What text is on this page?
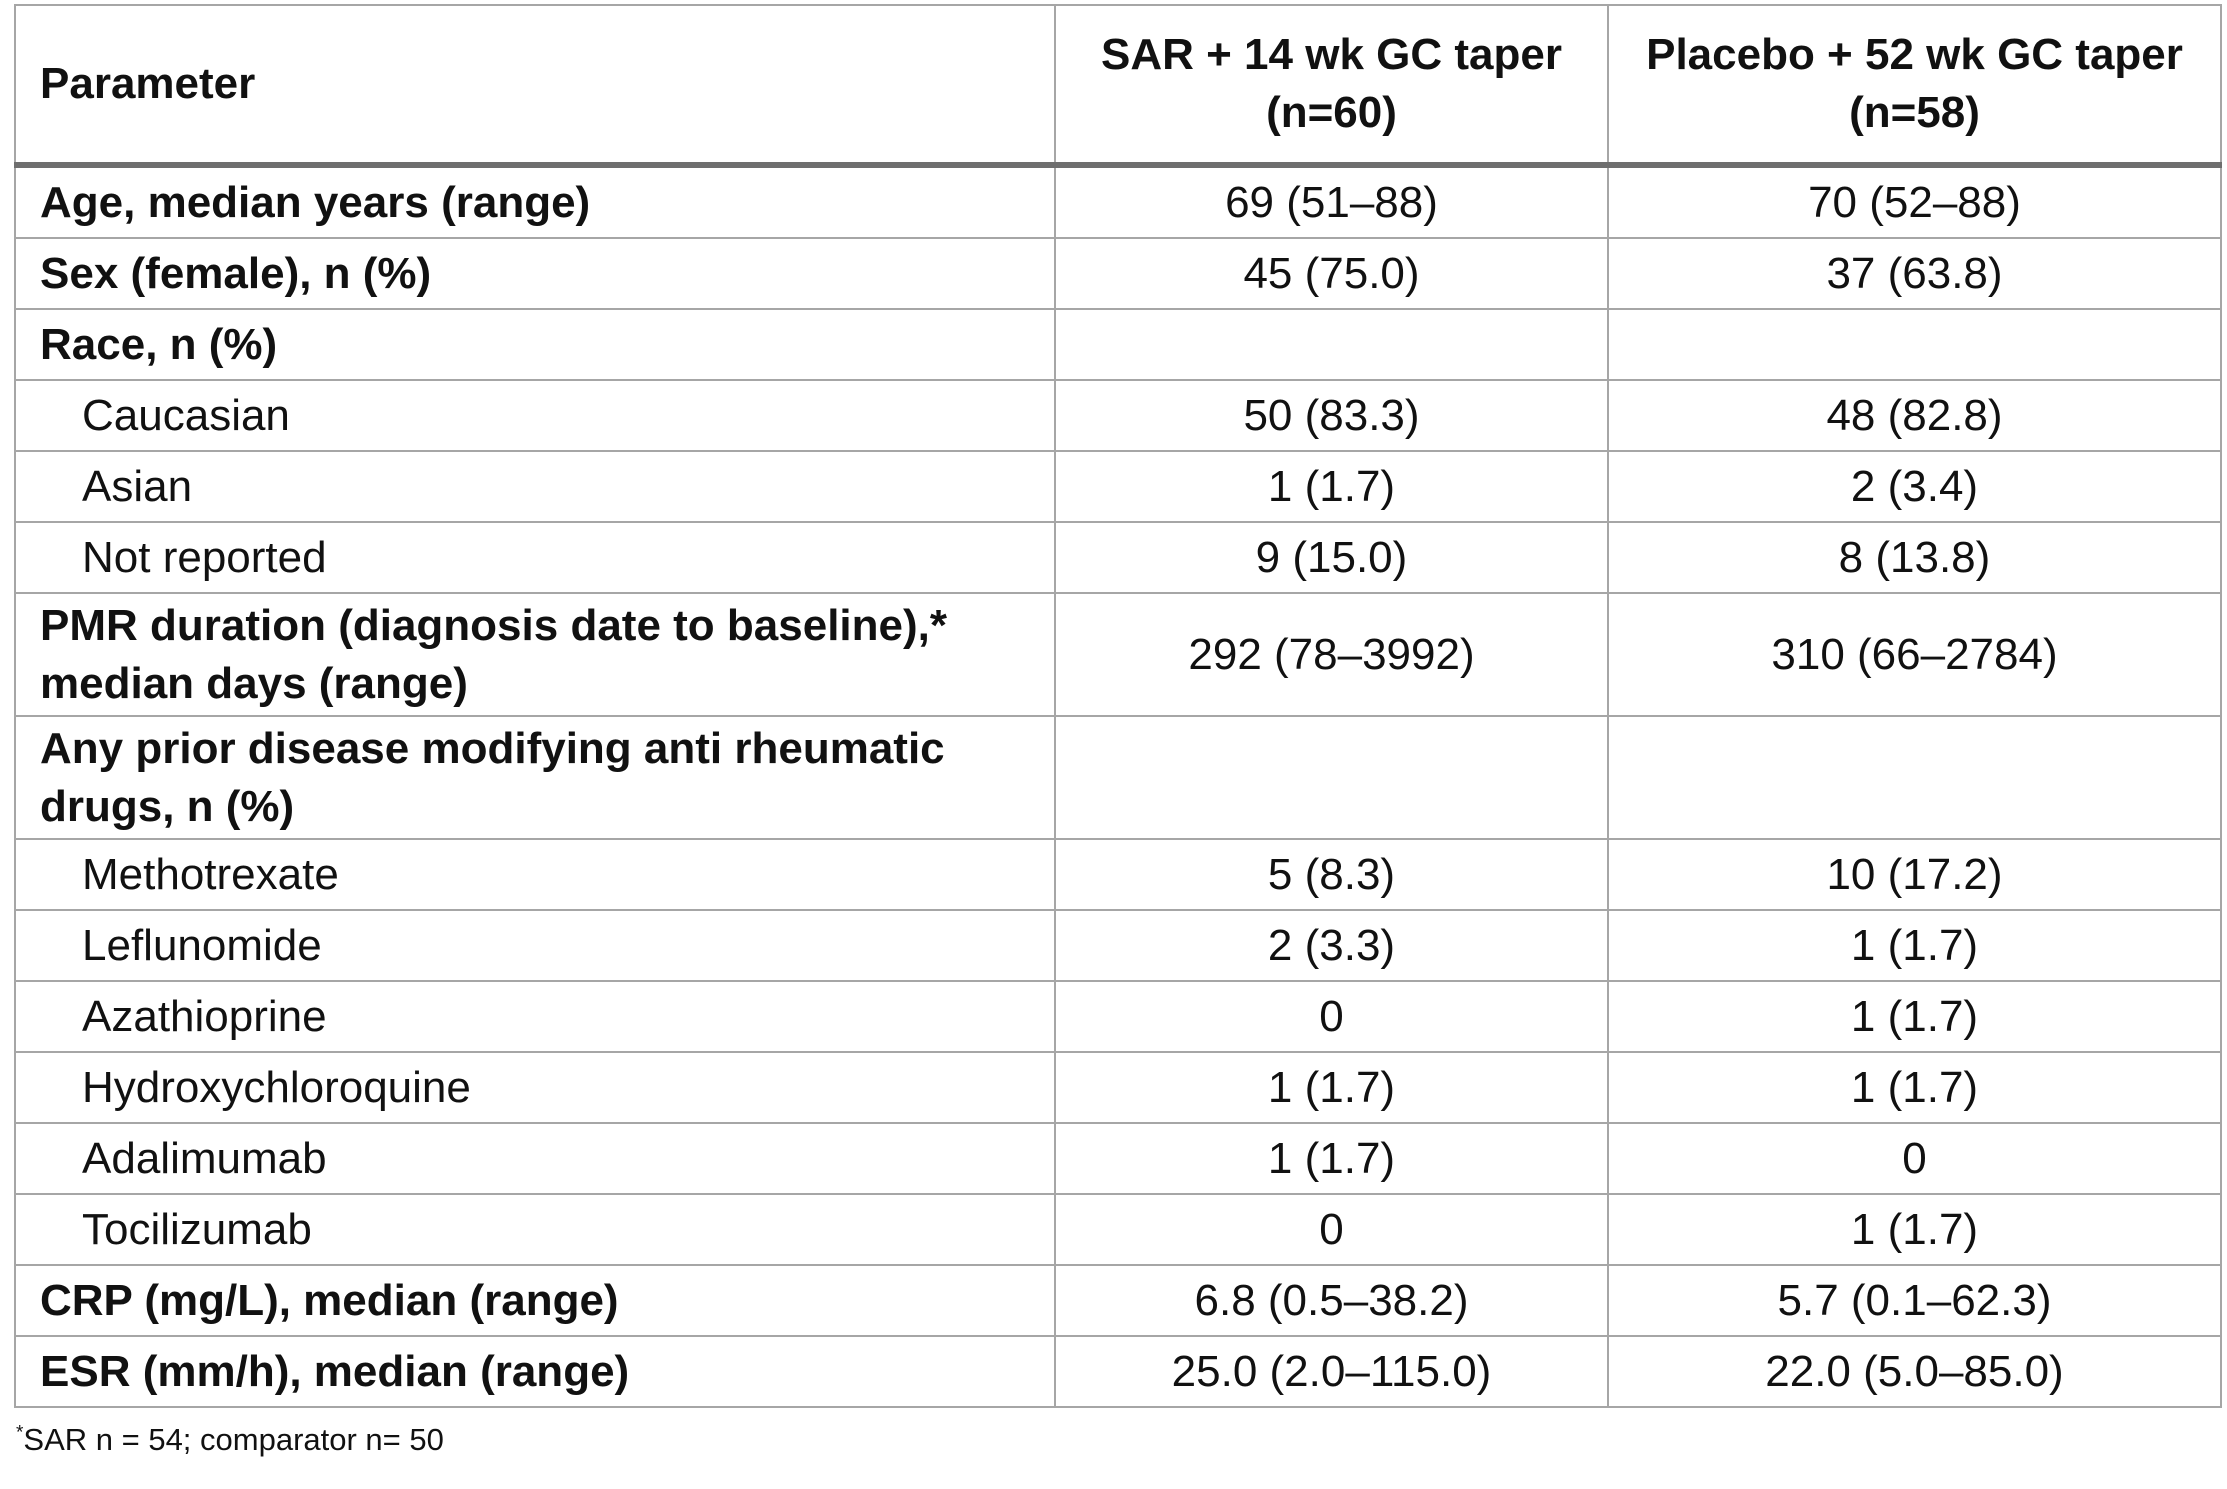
Parameter	SAR + 14 wk GC taper (n=60)	Placebo + 52 wk GC taper (n=58)
Age, median years (range)	69 (51–88)	70 (52–88)
Sex (female), n (%)	45 (75.0)	37 (63.8)
Race, n (%)		
Caucasian	50 (83.3)	48 (82.8)
Asian	1 (1.7)	2 (3.4)
Not reported	9 (15.0)	8 (13.8)
PMR duration (diagnosis date to baseline),* median days (range)	292 (78–3992)	310 (66–2784)
Any prior disease modifying anti rheumatic drugs, n (%)		
Methotrexate	5 (8.3)	10 (17.2)
Leflunomide	2 (3.3)	1 (1.7)
Azathioprine	0	1 (1.7)
Hydroxychloroquine	1 (1.7)	1 (1.7)
Adalimumab	1 (1.7)	0
Tocilizumab	0	1 (1.7)
CRP (mg/L), median (range)	6.8 (0.5–38.2)	5.7 (0.1–62.3)
ESR (mm/h), median (range)	25.0 (2.0–115.0)	22.0 (5.0–85.0)
*SAR n = 54; comparator n= 50
